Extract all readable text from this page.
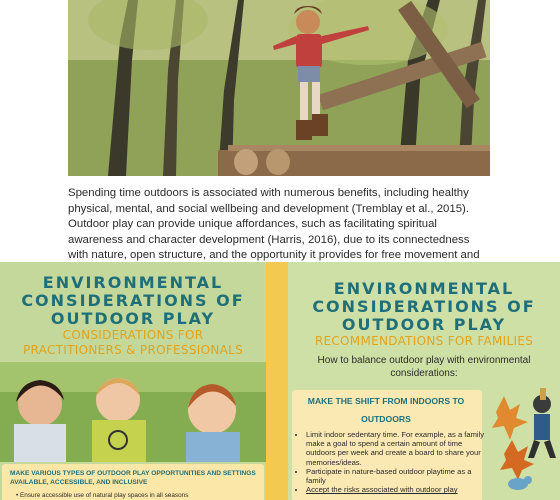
Spending time outdoors is associated with numerous benefits, including healthy physical, mental, and social wellbeing and development (Tremblay et al., 2015). Outdoor play can provide unique affordances, such as facilitating spiritual awareness and character development (Harris, 2016), due to its connectedness with nature, open structure, and the opportunity it provides for free movement and

ENVIRONMENTAL
CONSIDERATIONS OF
OUTDOOR PLAY
CONSIDERATIONS FOR
PRACTITIONERS & PROFESSIONALS

MAKE VARIOUS TYPES OF OUTDOOR PLAY OPPORTUNITIES AND SETTINGS AVAILABLE, ACCESSIBLE, AND INCLUSIVE

• Ensure accessible use of natural play spaces in all seasons

ENVIRONMENTAL
CONSIDERATIONS OF
OUTDOOR PLAY
RECOMMENDATIONS FOR FAMILIES

How to balance outdoor play with environmental considerations:

MAKE THE SHIFT FROM INDOORS TO
OUTDOORS
• Limit indoor sedentary time. For example, as a family make a goal to spend a certain amount of time outdoors per week and create a board to share your memories/ideas.
• Participate in nature-based outdoor playtime as a family
• Accept the risks associated with outdoor play
